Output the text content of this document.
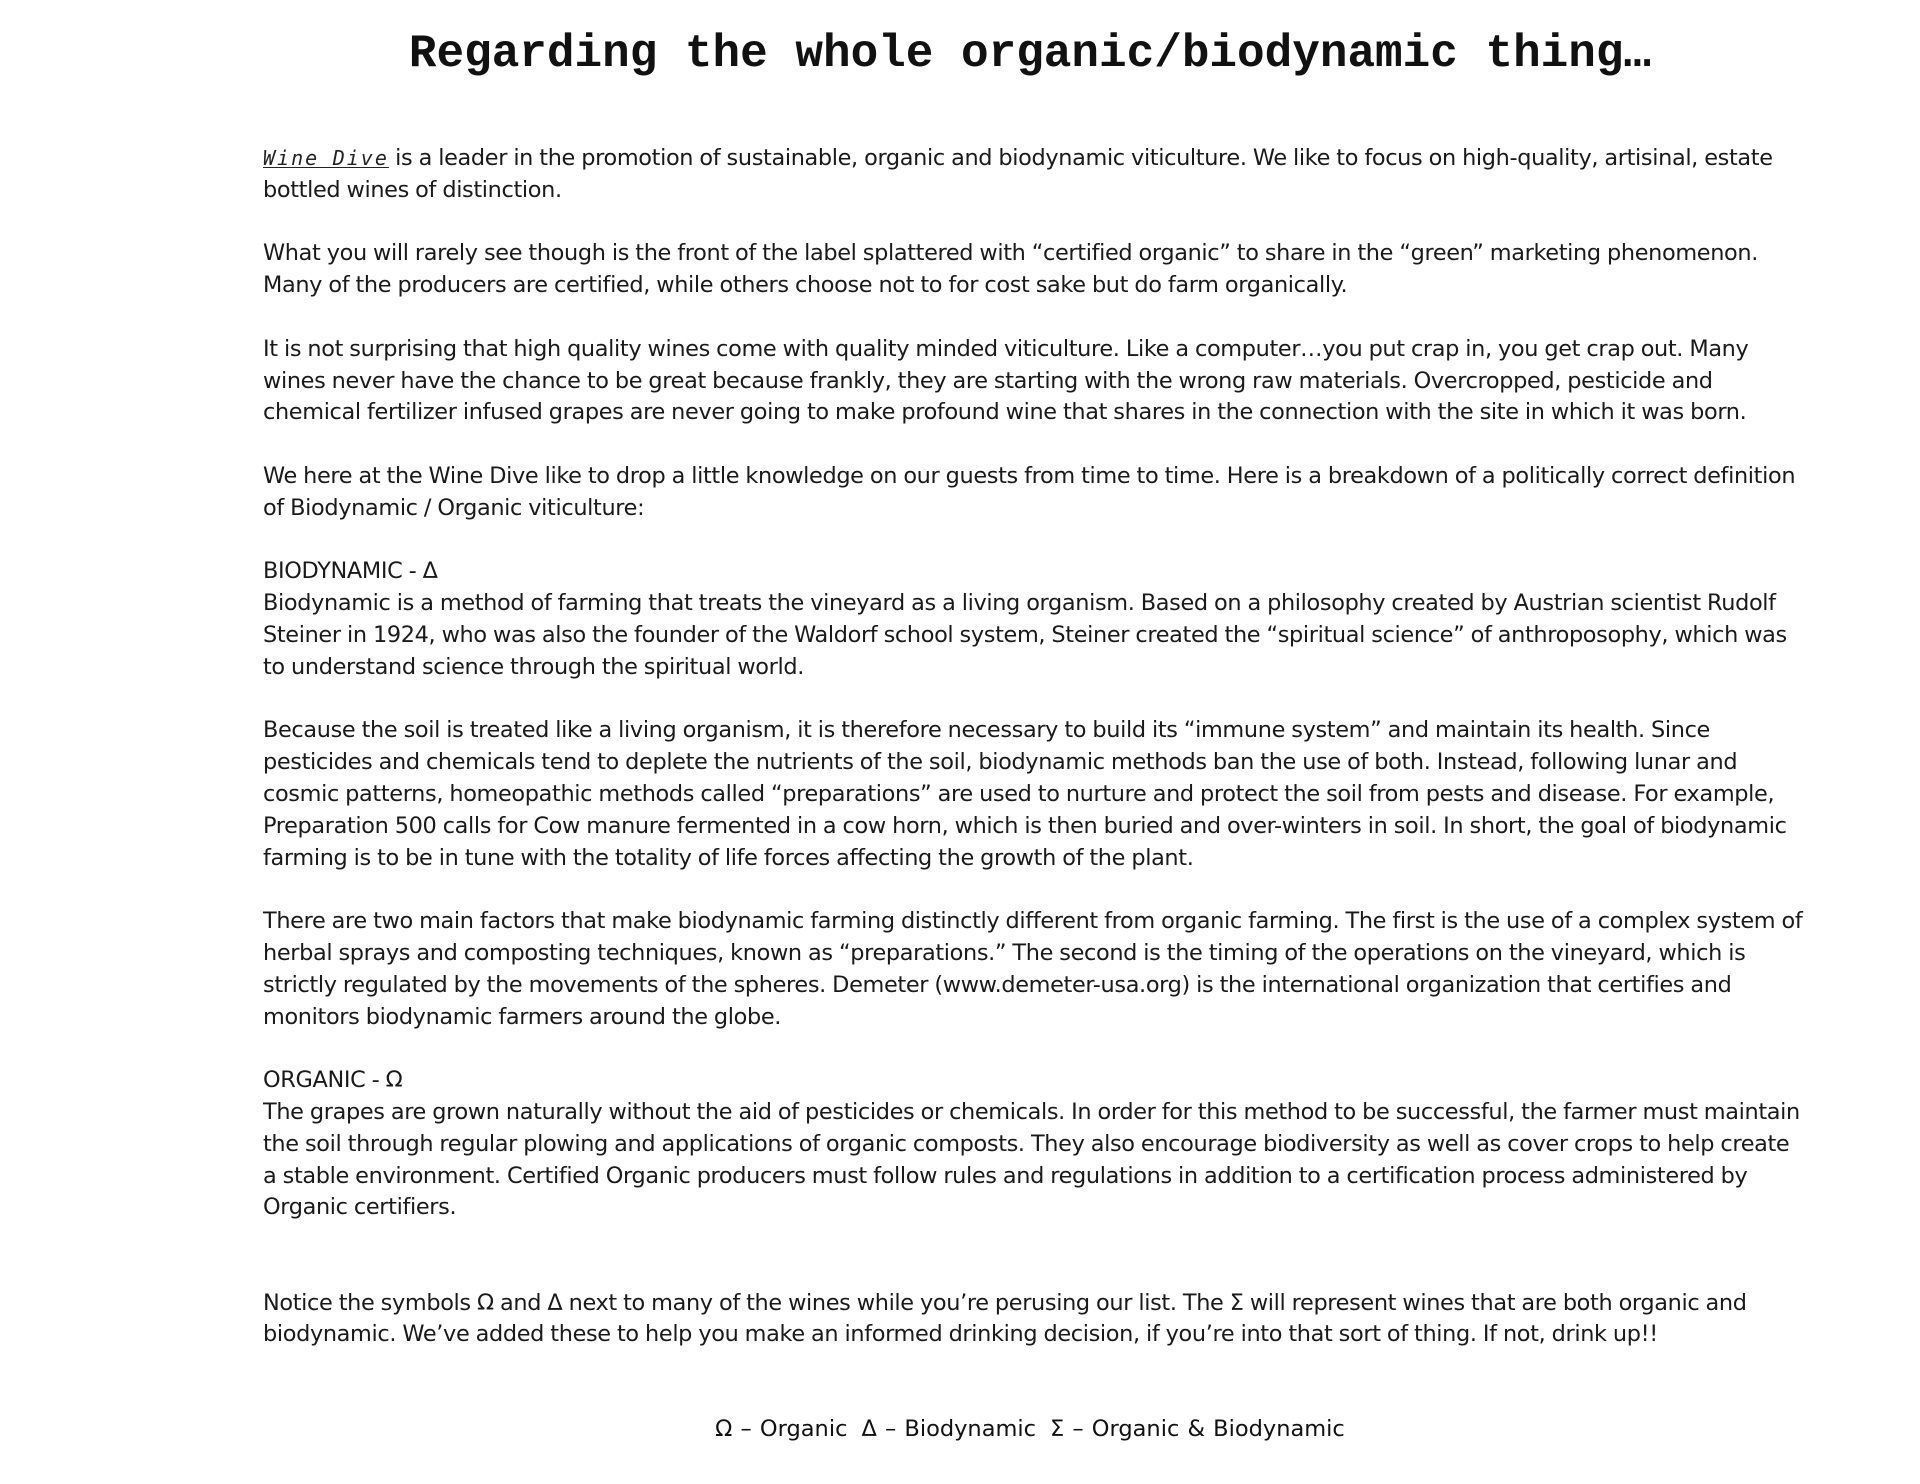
Regarding the whole organic/biodynamic thing…

Wine Dive is a leader in the promotion of sustainable, organic and biodynamic viticulture. We like to focus on high-quality, artisinal, estate bottled wines of distinction.

What you will rarely see though is the front of the label splattered with “certified organic” to share in the “green” marketing phenomenon. Many of the producers are certified, while others choose not to for cost sake but do farm organically.

It is not surprising that high quality wines come with quality minded viticulture. Like a computer…you put crap in, you get crap out. Many wines never have the chance to be great because frankly, they are starting with the wrong raw materials. Overcropped, pesticide and chemical fertilizer infused grapes are never going to make profound wine that shares in the connection with the site in which it was born.

We here at the Wine Dive like to drop a little knowledge on our guests from time to time. Here is a breakdown of a politically correct definition of Biodynamic / Organic viticulture:

BIODYNAMIC - Δ
Biodynamic is a method of farming that treats the vineyard as a living organism. Based on a philosophy created by Austrian scientist Rudolf Steiner in 1924, who was also the founder of the Waldorf school system, Steiner created the “spiritual science” of anthroposophy, which was to understand science through the spiritual world.

Because the soil is treated like a living organism, it is therefore necessary to build its “immune system” and maintain its health. Since pesticides and chemicals tend to deplete the nutrients of the soil, biodynamic methods ban the use of both. Instead, following lunar and cosmic patterns, homeopathic methods called “preparations” are used to nurture and protect the soil from pests and disease. For example, Preparation 500 calls for Cow manure fermented in a cow horn, which is then buried and over-winters in soil. In short, the goal of biodynamic farming is to be in tune with the totality of life forces affecting the growth of the plant.

There are two main factors that make biodynamic farming distinctly different from organic farming. The first is the use of a complex system of herbal sprays and composting techniques, known as “preparations.” The second is the timing of the operations on the vineyard, which is strictly regulated by the movements of the spheres. Demeter (www.demeter-usa.org) is the international organization that certifies and monitors biodynamic farmers around the globe.

ORGANIC - Ω
The grapes are grown naturally without the aid of pesticides or chemicals. In order for this method to be successful, the farmer must maintain the soil through regular plowing and applications of organic composts. They also encourage biodiversity as well as cover crops to help create a stable environment. Certified Organic producers must follow rules and regulations in addition to a certification process administered by Organic certifiers.

Notice the symbols Ω and Δ next to many of the wines while you’re perusing our list. The Σ will represent wines that are both organic and biodynamic. We’ve added these to help you make an informed drinking decision, if you’re into that sort of thing. If not, drink up!!

Ω – Organic Δ – Biodynamic Σ – Organic & Biodynamic
